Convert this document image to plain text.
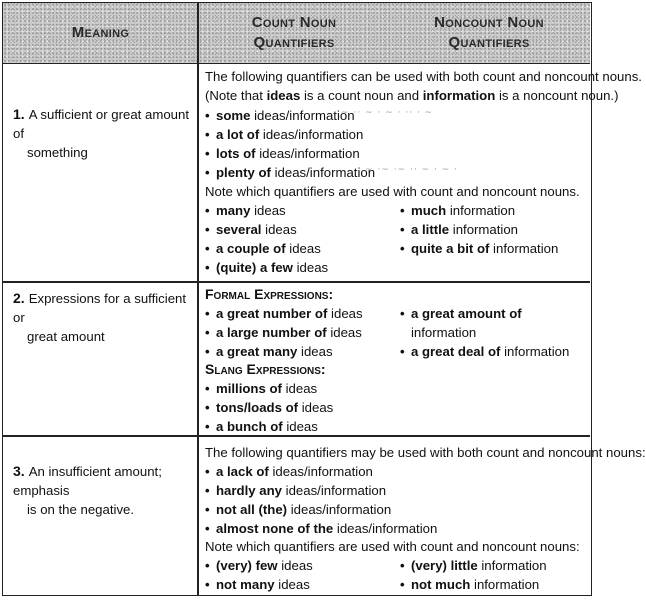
Meaning
Count Noun
Quantifiers
Noncount Noun
Quantifiers
1. A sufficient or great amount of
something
The following quantifiers can be used with both count and noncount nouns.
(Note that ideas is a count noun and information is a noncount noun.)
• some ideas/information
• a lot of ideas/information
• lots of ideas/information
• plenty of ideas/information
~ ·· ~ · ~ · ·· · ~
~ ·~ ·~ ·· ~ · ~ ·
Note which quantifiers are used with count and noncount nouns.
• many ideas
• several ideas
• a couple of ideas
• (quite) a few ideas
• much information
• a little information
• quite a bit of information
2. Expressions for a sufficient or
great amount
Formal Expressions:
• a great number of ideas
• a large number of ideas
• a great many ideas
• a great amount of
information
• a great deal of information
Slang Expressions:
• millions of ideas
• tons/loads of ideas
• a bunch of ideas
3. An insufficient amount; emphasis
is on the negative.
The following quantifiers may be used with both count and noncount nouns:
• a lack of ideas/information
• hardly any ideas/information
• not all (the) ideas/information
• almost none of the ideas/information
Note which quantifiers are used with count and noncount nouns:
• (very) few ideas
• not many ideas
• (very) little information
• not much information
